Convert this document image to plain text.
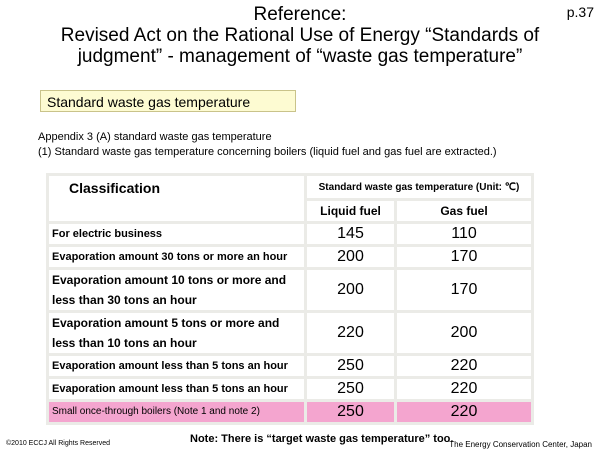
p.37
Reference:
Revised Act on the Rational Use of Energy “Standards of
judgment” - management of “waste gas temperature”
Standard waste gas temperature
Appendix 3 (A) standard waste gas temperature
(1) Standard waste gas temperature concerning boilers (liquid fuel and gas fuel are extracted.)
Classification	Standard waste gas temperature (Unit: ℃)	
	Liquid fuel	Gas fuel
For electric business	145	110
Evaporation amount 30 tons or more an hour	200	170
Evaporation amount 10 tons or more and less than 30 tons an hour	200	170
Evaporation amount 5 tons or more and less than 10 tons an hour	220	200
Evaporation amount less than 5 tons an hour	250	220
Evaporation amount less than 5 tons an hour	250	220
Small once-through boilers (Note 1 and note 2)	250	220
Note: There is “target waste gas temperature” too.
©2010 ECCJ All Rights Reserved	The Energy Conservation Center, Japan
